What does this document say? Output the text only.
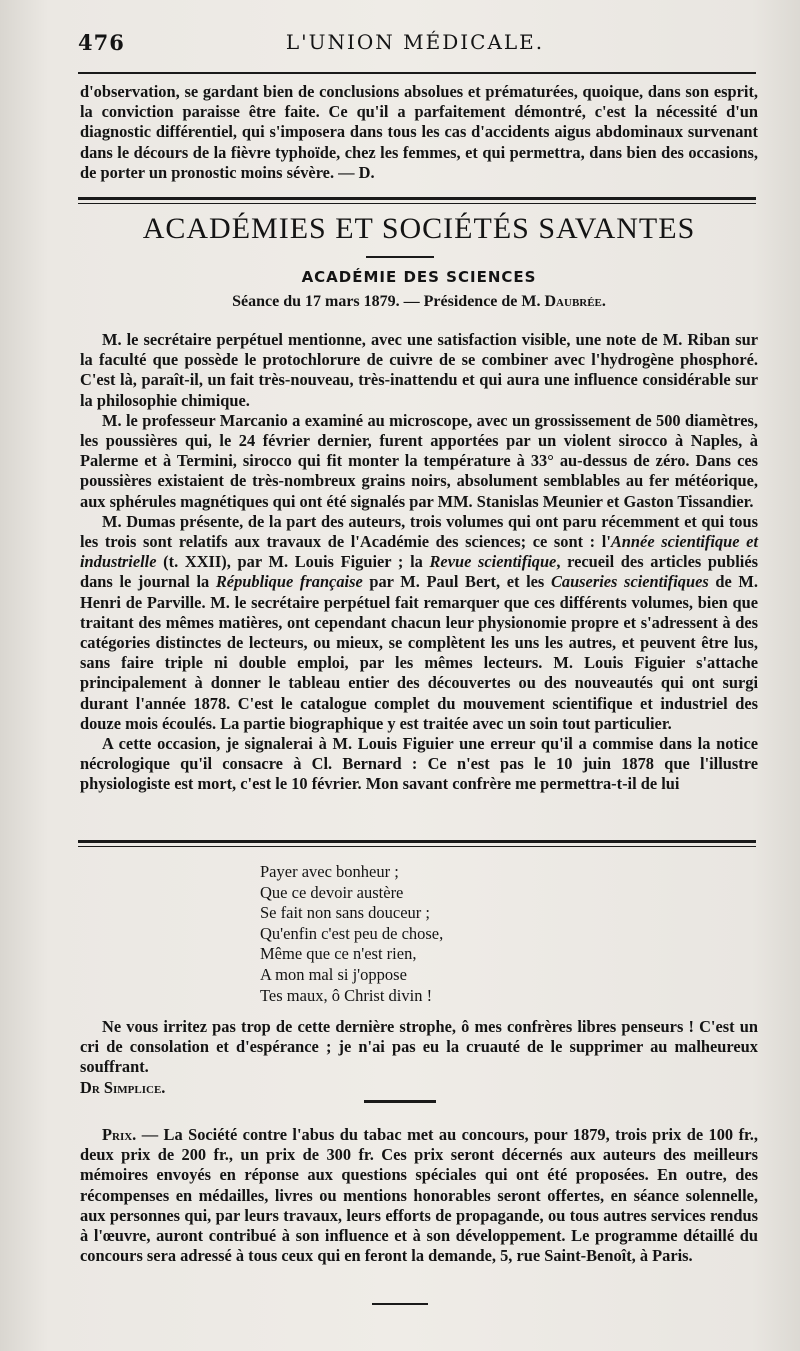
476	L'UNION MÉDICALE.

d'observation, se gardant bien de conclusions absolues et prématurées, quoique, dans son esprit, la conviction paraisse être faite. Ce qu'il a parfaitement démontré, c'est la nécessité d'un diagnostic différentiel, qui s'imposera dans tous les cas d'accidents aigus abdominaux survenant dans le décours de la fièvre typhoïde, chez les femmes, et qui permettra, dans bien des occasions, de porter un pronostic moins sévère. — D.

ACADÉMIES ET SOCIÉTÉS SAVANTES
ACADÉMIE DES SCIENCES
Séance du 17 mars 1879. — Présidence de M. Daubrée.

M. le secrétaire perpétuel mentionne, avec une satisfaction visible, une note de M. Riban sur la faculté que possède le protochlorure de cuivre de se combiner avec l'hydrogène phosphoré. C'est là, paraît-il, un fait très-nouveau, très-inattendu et qui aura une influence considérable sur la philosophie chimique.

M. le professeur Marcanio a examiné au microscope, avec un grossissement de 500 diamètres, les poussières qui, le 24 février dernier, furent apportées par un violent sirocco à Naples, à Palerme et à Termini, sirocco qui fit monter la température à 33° au-dessus de zéro. Dans ces poussières existaient de très-nombreux grains noirs, absolument semblables au fer météorique, aux sphérules magnétiques qui ont été signalés par MM. Stanislas Meunier et Gaston Tissandier.

M. Dumas présente, de la part des auteurs, trois volumes qui ont paru récemment et qui tous les trois sont relatifs aux travaux de l'Académie des sciences; ce sont : l'Année scientifique et industrielle (t. XXII), par M. Louis Figuier ; la Revue scientifique, recueil des articles publiés dans le journal la République française par M. Paul Bert, et les Causeries scientifiques de M. Henri de Parville. M. le secrétaire perpétuel fait remarquer que ces différents volumes, bien que traitant des mêmes matières, ont cependant chacun leur physionomie propre et s'adressent à des catégories distinctes de lecteurs, ou mieux, se complètent les uns les autres, et peuvent être lus, sans faire triple ni double emploi, par les mêmes lecteurs. M. Louis Figuier s'attache principalement à donner le tableau entier des découvertes ou des nouveautés qui ont surgi durant l'année 1878. C'est le catalogue complet du mouvement scientifique et industriel des douze mois écoulés. La partie biographique y est traitée avec un soin tout particulier.

A cette occasion, je signalerai à M. Louis Figuier une erreur qu'il a commise dans la notice nécrologique qu'il consacre à Cl. Bernard : Ce n'est pas le 10 juin 1878 que l'illustre physiologiste est mort, c'est le 10 février. Mon savant confrère me permettra-t-il de lui

Payer avec bonheur ;
Que ce devoir austère
Se fait non sans douceur ;
Qu'enfin c'est peu de chose,
Même que ce n'est rien,
A mon mal si j'oppose
Tes maux, ô Christ divin !

Ne vous irritez pas trop de cette dernière strophe, ô mes confrères libres penseurs ! C'est un cri de consolation et d'espérance ; je n'ai pas eu la cruauté de le supprimer au malheureux souffrant.

Dr Simplice.

Prix. — La Société contre l'abus du tabac met au concours, pour 1879, trois prix de 100 fr., deux prix de 200 fr., un prix de 300 fr. Ces prix seront décernés aux auteurs des meilleurs mémoires envoyés en réponse aux questions spéciales qui ont été proposées. En outre, des récompenses en médailles, livres ou mentions honorables seront offertes, en séance solennelle, aux personnes qui, par leurs travaux, leurs efforts de propagande, ou tous autres services rendus à l'œuvre, auront contribué à son influence et à son développement. Le programme détaillé du concours sera adressé à tous ceux qui en feront la demande, 5, rue Saint-Benoît, à Paris.
